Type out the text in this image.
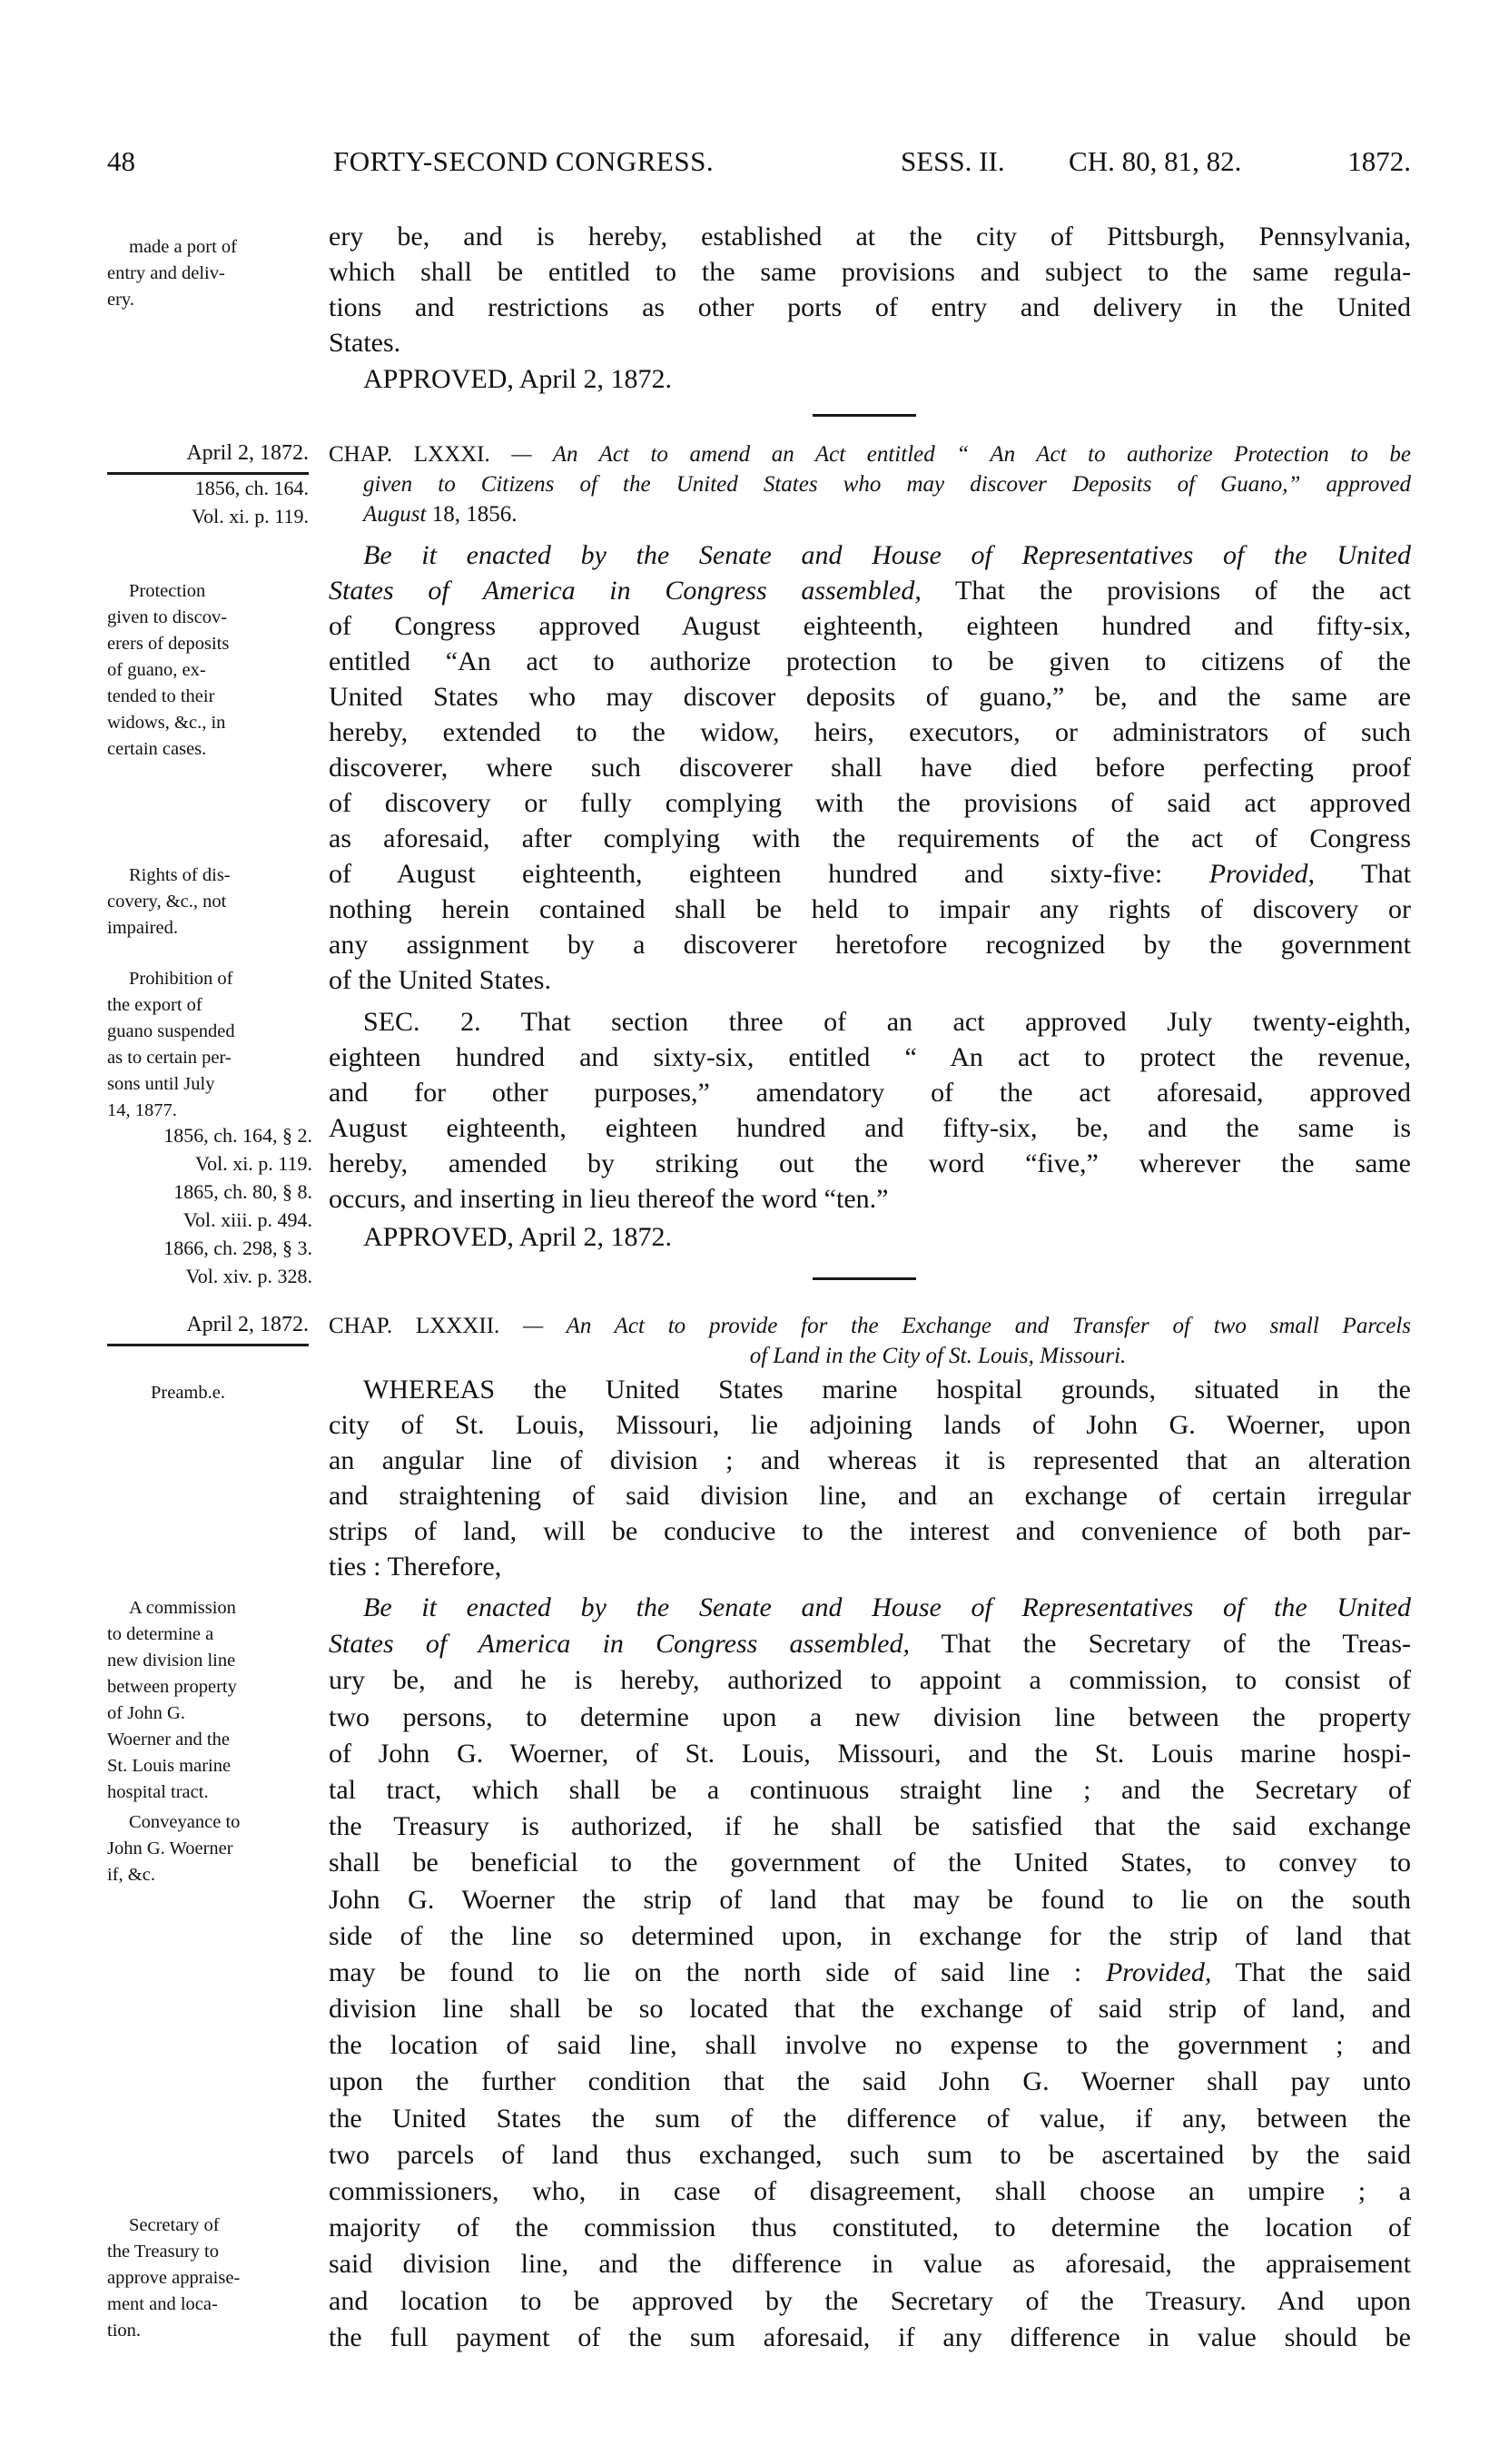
48	FORTY-SECOND CONGRESS.	SESS. II. CH. 80, 81, 82.	1872.
made a port of
entry and deliv-
ery.
ery be, and is hereby, established at the city of Pittsburgh, Pennsylvania,
which shall be entitled to the same provisions and subject to the same regula-
tions and restrictions as other ports of entry and delivery in the United
States.
APPROVED, April 2, 1872.
April 2, 1872.
1856, ch. 164.
Vol. xi. p. 119.
CHAP. LXXXI. — An Act to amend an Act entitled “ An Act to authorize Protection to be
given to Citizens of the United States who may discover Deposits of Guano,” approved
August 18, 1856.
Protection
given to discov-
erers of deposits
of guano, ex-
tended to their
widows, &c., in
certain cases.
Rights of dis-
covery, &c., not
impaired.
Prohibition of
the export of
guano suspended
as to certain per-
sons until July
14, 1877.
1856, ch. 164, § 2.
Vol. xi. p. 119.
1865, ch. 80, § 8.
Vol. xiii. p. 494.
1866, ch. 298, § 3.
Vol. xiv. p. 328.
Be it enacted by the Senate and House of Representatives of the United
States of America in Congress assembled, That the provisions of the act
of Congress approved August eighteenth, eighteen hundred and fifty-six,
entitled “An act to authorize protection to be given to citizens of the
United States who may discover deposits of guano,” be, and the same are
hereby, extended to the widow, heirs, executors, or administrators of such
discoverer, where such discoverer shall have died before perfecting proof
of discovery or fully complying with the provisions of said act approved
as aforesaid, after complying with the requirements of the act of Congress
of August eighteenth, eighteen hundred and sixty-five: Provided, That
nothing herein contained shall be held to impair any rights of discovery or
any assignment by a discoverer heretofore recognized by the government
of the United States.
SEC. 2. That section three of an act approved July twenty-eighth,
eighteen hundred and sixty-six, entitled “ An act to protect the revenue,
and for other purposes,” amendatory of the act aforesaid, approved
August eighteenth, eighteen hundred and fifty-six, be, and the same is
hereby, amended by striking out the word “five,” wherever the same
occurs, and inserting in lieu thereof the word “ten.”
APPROVED, April 2, 1872.
April 2, 1872. CHAP. LXXXII. — An Act to provide for the Exchange and Transfer of two small Parcels
of Land in the City of St. Louis, Missouri.
Preamb.e.	WHEREAS the United States marine hospital grounds, situated in the
city of St. Louis, Missouri, lie adjoining lands of John G. Woerner, upon
an angular line of division ; and whereas it is represented that an alteration
and straightening of said division line, and an exchange of certain irregular
strips of land, will be conducive to the interest and convenience of both par-
ties : Therefore,
A commission
to determine a
new division line
between property
of John G.
Woerner and the
St. Louis marine
hospital tract.
Conveyance to
John G. Woerner
if, &c.
Secretary of
the Treasury to
approve appraise-
ment and loca-
tion.
Be it enacted by the Senate and House of Representatives of the United
States of America in Congress assembled, That the Secretary of the Treas-
ury be, and he is hereby, authorized to appoint a commission, to consist of
two persons, to determine upon a new division line between the property
of John G. Woerner, of St. Louis, Missouri, and the St. Louis marine hospi-
tal tract, which shall be a continuous straight line ; and the Secretary of
the Treasury is authorized, if he shall be satisfied that the said exchange
shall be beneficial to the government of the United States, to convey to
John G. Woerner the strip of land that may be found to lie on the south
side of the line so determined upon, in exchange for the strip of land that
may be found to lie on the north side of said line : Provided, That the said
division line shall be so located that the exchange of said strip of land, and
the location of said line, shall involve no expense to the government ; and
upon the further condition that the said John G. Woerner shall pay unto
the United States the sum of the difference of value, if any, between the
two parcels of land thus exchanged, such sum to be ascertained by the said
commissioners, who, in case of disagreement, shall choose an umpire ; a
majority of the commission thus constituted, to determine the location of
said division line, and the difference in value as aforesaid, the appraisement
and location to be approved by the Secretary of the Treasury. And upon
the full payment of the sum aforesaid, if any difference in value should be
